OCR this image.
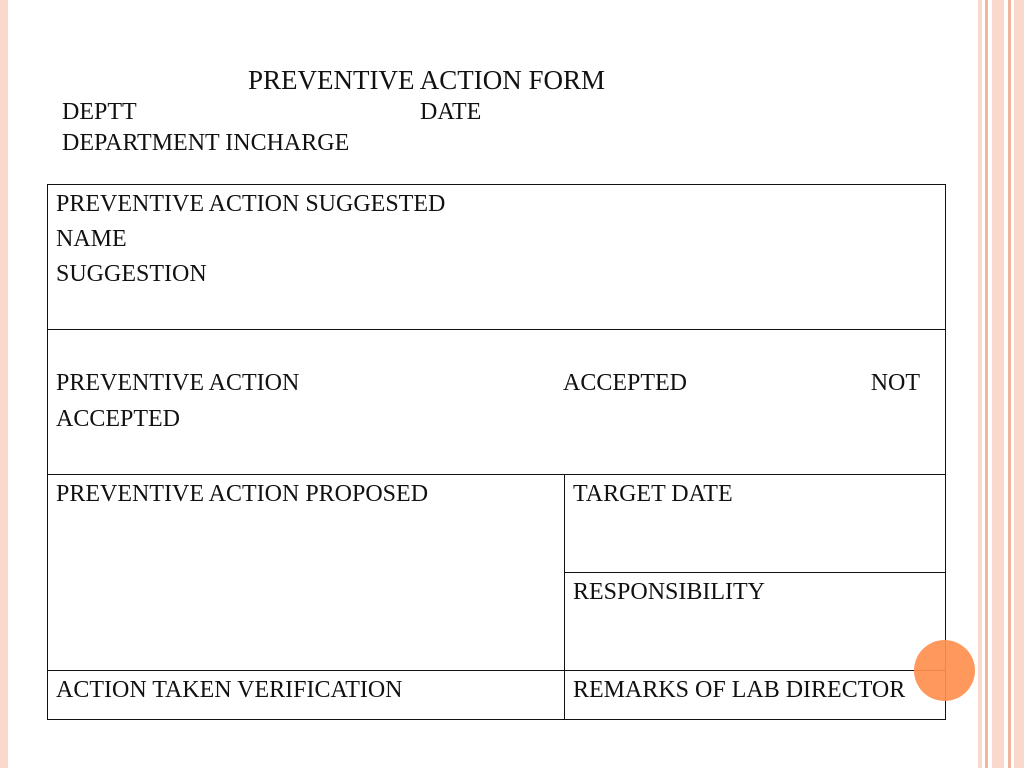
PREVENTIVE ACTION FORM
DEPTT	DATE
DEPARTMENT INCHARGE
PREVENTIVE ACTION SUGGESTED
NAME
SUGGESTION	

PREVENTIVE ACTION ACCEPTED NOT
ACCEPTED	

PREVENTIVE ACTION PROPOSED	TARGET DATE

	RESPONSIBILITY

ACTION TAKEN VERIFICATION	REMARKS OF LAB DIRECTOR
